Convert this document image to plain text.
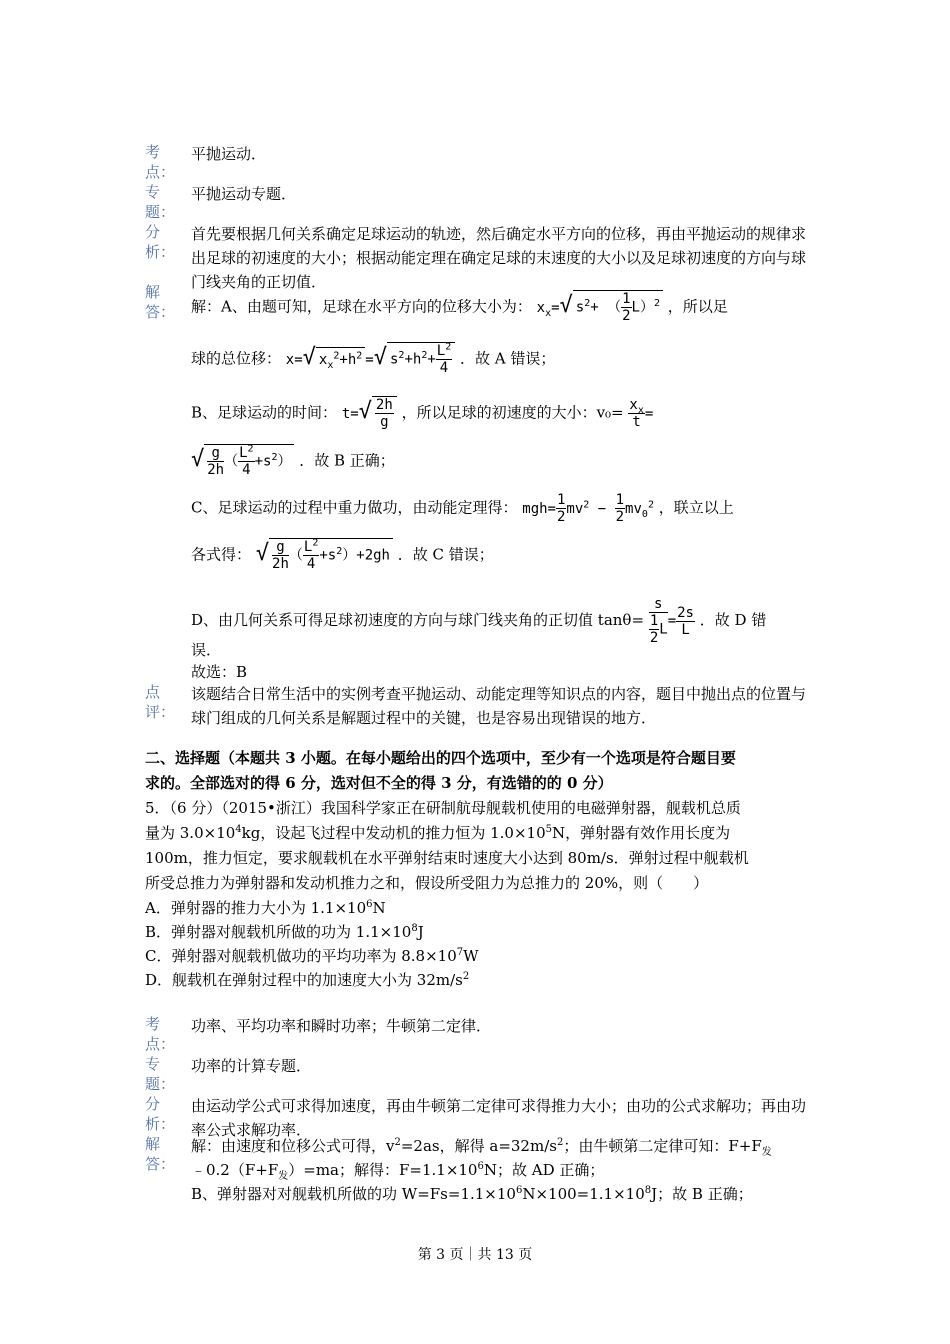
考点：
平抛运动．
专题：
平抛运动专题．
分析：
首先要根据几何关系确定足球运动的轨迹，然后确定水平方向的位移，再由平抛运动的规律求出足球的初速度的大小；根据动能定理在确定足球的末速度的大小以及足球初速度的方向与球门线夹角的正切值．
解答： 解：A、由题可知，足球在水平方向的位移大小为： $x_x=√$ $s^2+$ （ $\frac{1}{2} L)^2$ ，所以足
球的总位移： x=√ $x_x^2+h^2$ =√ $s^2+h^2+ \frac{L^2}{4}$ ．故 A 错误；
B、足球运动的时间： $t=√ \frac{2h}{g}$ ，所以足球的初速度的大小：$v_0= \frac{x_x}{t}$ =
√ $\frac{g}{2h}$ （ $\frac{L^2}{4} +s^2$） ．故 B 正确；
C、足球运动的过程中重力做功，由动能定理得： $mgh= \frac{1}{2} mv^2 - \frac{1}{2} mv_0^2$ ，联立以上
各式得： √ $\frac{g}{2h}$ （ $\frac{L^2}{4} +s^2)+2gh$ ．故 C 错误；
D、由几何关系可得足球初速度的方向与球门线夹角的正切值 $\tan\theta= \frac{s}{\frac{1}{2} L} = \frac{2s}{L}$ ．故 D 错
误．
故选：B
点评：
该题结合日常生活中的实例考查平抛运动、动能定理等知识点的内容，题目中抛出点的位置与球门组成的几何关系是解题过程中的关键，也是容易出现错误的地方．
二、选择题（本题共 3 小题。在每小题给出的四个选项中，至少有一个选项是符合题目要
求的。全部选对的得 6 分，选对但不全的得 3 分，有选错的的 0 分）
5．（6 分）（2015•浙江）我国科学家正在研制航母舰载机使用的电磁弹射器，舰载机总质
量为 $3.0\times 10^4kg$，设起飞过程中发动机的推力恒为 $1.0\times 10^5N$，弹射器有效作用长度为
100m，推力恒定，要求舰载机在水平弹射结束时速度大小达到 80m/s．弹射过程中舰载机
所受总推力为弹射器和发动机推力之和，假设所受阻力为总推力的 20%，则（　　）
A．弹射器的推力大小为 $1.1\times 10^6N$
B．弹射器对舰载机所做的功为 $1.1\times 10^8J$
C．弹射器对舰载机做功的平均功率为 $8.8\times 10^7W$
D．舰载机在弹射过程中的加速度大小为 $32m/s^2$
考点：
功率、平均功率和瞬时功率；牛顿第二定律．
专题：
功率的计算专题．
分析：
由运动学公式可求得加速度，再由牛顿第二定律可求得推力大小；由功的公式求解功；再由功率公式求解功率．
解答：
解：由速度和位移公式可得，$v^2=2as$，解得 $a=32m/s^2$；由牛顿第二定律可知：$F+F_发$
$﹣0.2(F+F_发)=ma$；解得：$F=1.1\times 10^6N$；故 AD 正确；
B、弹射器对对舰载机所做的功 $W=Fs=1.1\times 10^6N\times 100=1.1\times 10^8J$；故 B 正确；
第 3 页｜共 13 页
